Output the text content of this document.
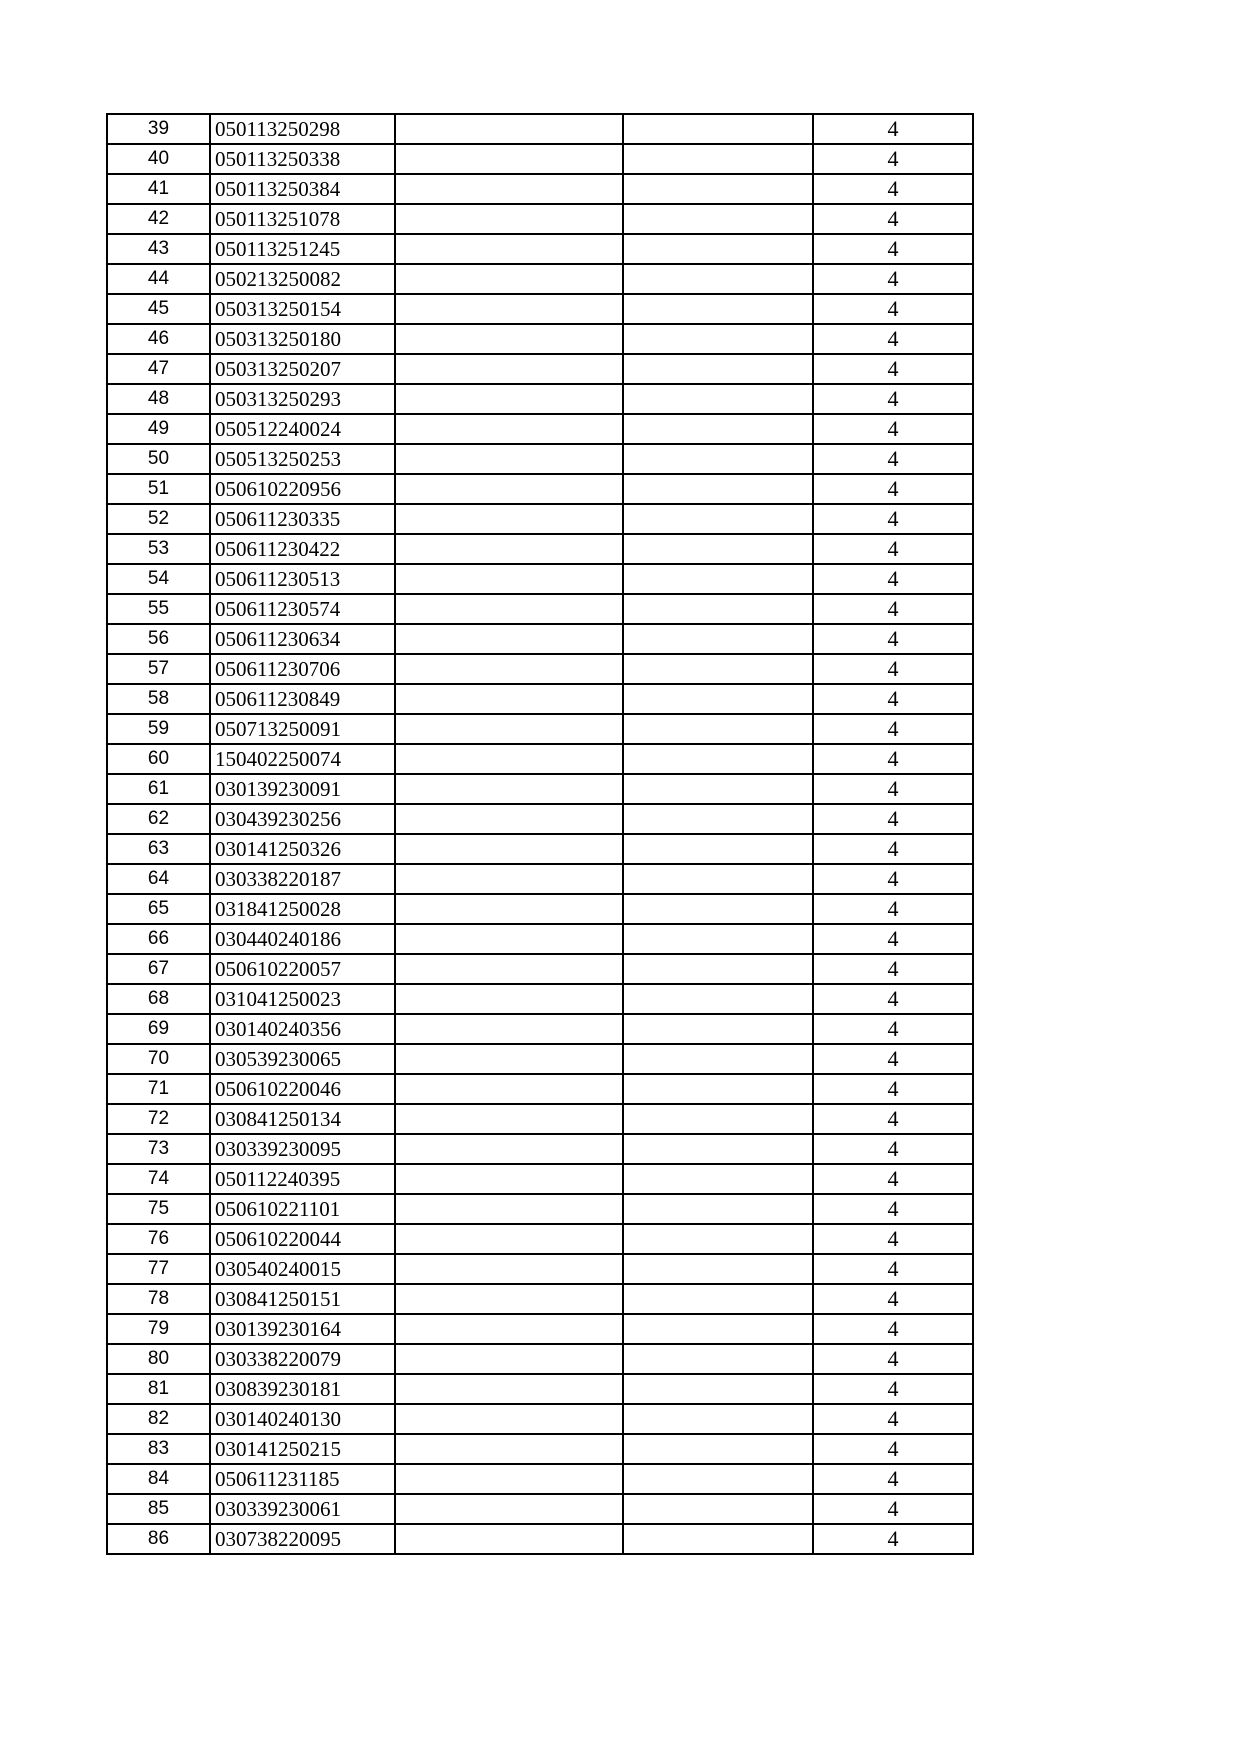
39	050113250298			4
40	050113250338			4
41	050113250384			4
42	050113251078			4
43	050113251245			4
44	050213250082			4
45	050313250154			4
46	050313250180			4
47	050313250207			4
48	050313250293			4
49	050512240024			4
50	050513250253			4
51	050610220956			4
52	050611230335			4
53	050611230422			4
54	050611230513			4
55	050611230574			4
56	050611230634			4
57	050611230706			4
58	050611230849			4
59	050713250091			4
60	150402250074			4
61	030139230091			4
62	030439230256			4
63	030141250326			4
64	030338220187			4
65	031841250028			4
66	030440240186			4
67	050610220057			4
68	031041250023			4
69	030140240356			4
70	030539230065			4
71	050610220046			4
72	030841250134			4
73	030339230095			4
74	050112240395			4
75	050610221101			4
76	050610220044			4
77	030540240015			4
78	030841250151			4
79	030139230164			4
80	030338220079			4
81	030839230181			4
82	030140240130			4
83	030141250215			4
84	050611231185			4
85	030339230061			4
86	030738220095			4
